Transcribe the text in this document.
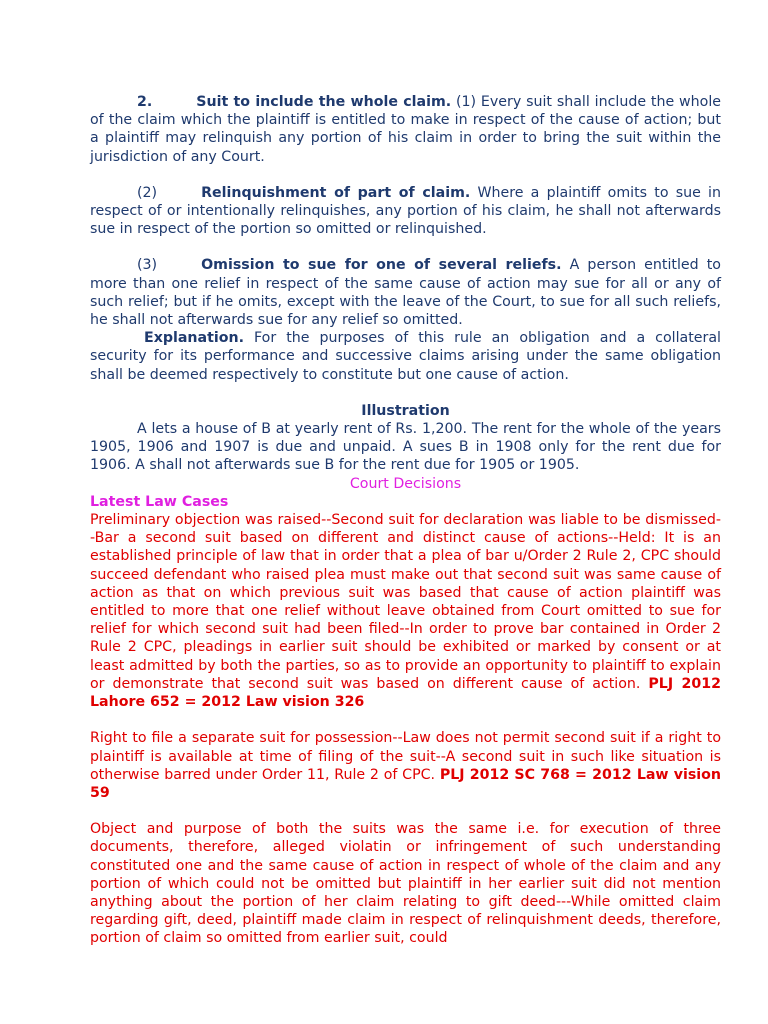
2.	Suit to include the whole claim. (1) Every suit shall include the whole of the claim which the plaintiff is entitled to make in respect of the cause of action; but a plaintiff may relinquish any portion of his claim in order to bring the suit within the jurisdiction of any Court.

(2)	Relinquishment of part of claim. Where a plaintiff omits to sue in respect of or intentionally relinquishes, any portion of his claim, he shall not afterwards sue in respect of the portion so omitted or relinquished.

(3)	Omission to sue for one of several reliefs. A person entitled to more than one relief in respect of the same cause of action may sue for all or any of such relief; but if he omits, except with the leave of the Court, to sue for all such reliefs, he shall not afterwards sue for any relief so omitted.

Explanation. For the purposes of this rule an obligation and a collateral security for its performance and successive claims arising under the same obligation shall be deemed respectively to constitute but one cause of action.

Illustration

A lets a house of B at yearly rent of Rs. 1,200. The rent for the whole of the years 1905, 1906 and 1907 is due and unpaid. A sues B in 1908 only for the rent due for 1906. A shall not afterwards sue B for the rent due for 1905 or 1905.

Court Decisions

Latest Law Cases

Preliminary objection was raised--Second suit for declaration was liable to be dismissed--Bar a second suit based on different and distinct cause of actions--Held: It is an established principle of law that in order that a plea of bar u/Order 2 Rule 2, CPC should succeed defendant who raised plea must make out that second suit was same cause of action as that on which previous suit was based that cause of action plaintiff was entitled to more that one relief without leave obtained from Court omitted to sue for relief for which second suit had been filed--In order to prove bar contained in Order 2 Rule 2 CPC, pleadings in earlier suit should be exhibited or marked by consent or at least admitted by both the parties, so as to provide an opportunity to plaintiff to explain or demonstrate that second suit was based on different cause of action. PLJ 2012 Lahore 652 = 2012 Law vision 326

Right to file a separate suit for possession--Law does not permit second suit if a right to plaintiff is available at time of filing of the suit--A second suit in such like situation is otherwise barred under Order 11, Rule 2 of CPC. PLJ 2012 SC 768 = 2012 Law vision 59

Object and purpose of both the suits was the same i.e. for execution of three documents, therefore, alleged violatin or infringement of such understanding constituted one and the same cause of action in respect of whole of the claim and any portion of which could not be omitted but plaintiff in her earlier suit did not mention anything about the portion of her claim relating to gift deed---While omitted claim regarding gift, deed, plaintiff made claim in respect of relinquishment deeds, therefore, portion of claim so omitted from earlier suit, could
